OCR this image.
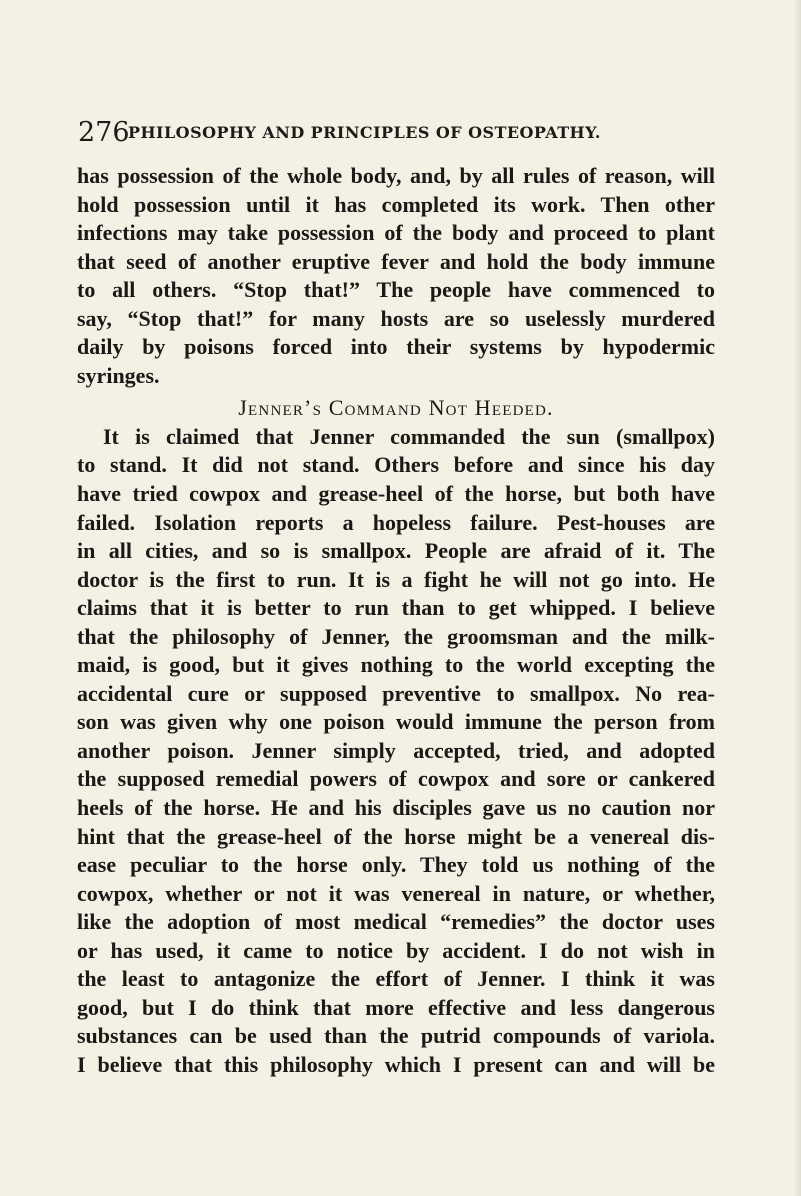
276
PHILOSOPHY AND PRINCIPLES OF OSTEOPATHY.
has possession of the whole body, and, by all rules of reason, will
hold possession until it has completed its work. Then other
infections may take possession of the body and proceed to plant
that seed of another eruptive fever and hold the body immune
to all others. “Stop that!” The people have commenced to
say, “Stop that!” for many hosts are so uselessly murdered
daily by poisons forced into their systems by hypodermic
syringes.
Jenner’s Command Not Heeded.
It is claimed that Jenner commanded the sun (smallpox)
to stand. It did not stand. Others before and since his day
have tried cowpox and grease-heel of the horse, but both have
failed. Isolation reports a hopeless failure. Pest-houses are
in all cities, and so is smallpox. People are afraid of it. The
doctor is the first to run. It is a fight he will not go into. He
claims that it is better to run than to get whipped. I believe
that the philosophy of Jenner, the groomsman and the milk-
maid, is good, but it gives nothing to the world excepting the
accidental cure or supposed preventive to smallpox. No rea-
son was given why one poison would immune the person from
another poison. Jenner simply accepted, tried, and adopted
the supposed remedial powers of cowpox and sore or cankered
heels of the horse. He and his disciples gave us no caution nor
hint that the grease-heel of the horse might be a venereal dis-
ease peculiar to the horse only. They told us nothing of the
cowpox, whether or not it was venereal in nature, or whether,
like the adoption of most medical “remedies” the doctor uses
or has used, it came to notice by accident. I do not wish in
the least to antagonize the effort of Jenner. I think it was
good, but I do think that more effective and less dangerous
substances can be used than the putrid compounds of variola.
I believe that this philosophy which I present can and will be
